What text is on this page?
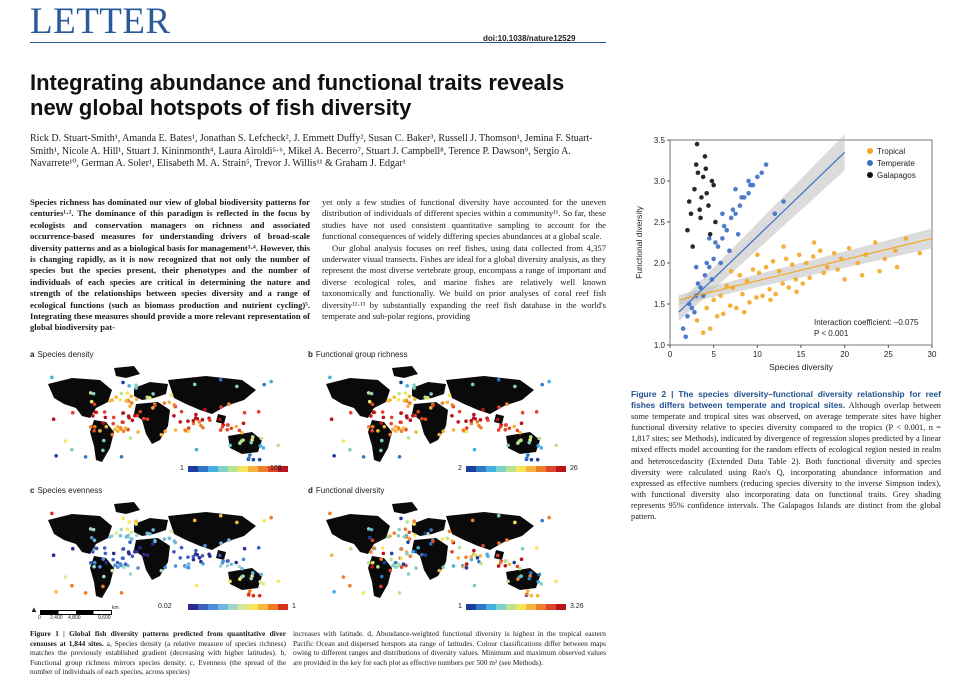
LETTER	doi:10.1038/nature12529
Integrating abundance and functional traits reveals new global hotspots of fish diversity
Rick D. Stuart-Smith¹, Amanda E. Bates¹, Jonathan S. Lefcheck², J. Emmett Duffy², Susan C. Baker³, Russell J. Thomson¹, Jemina F. Stuart-Smith¹, Nicole A. Hill¹, Stuart J. Kininmonth⁴, Laura Airoldi⁵·⁶, Mikel A. Becerro⁷, Stuart J. Campbell⁸, Terence P. Dawson⁹, Sergio A. Navarrete¹⁰, German A. Soler¹, Elisabeth M. A. Strain⁵, Trevor J. Willis¹¹ & Graham J. Edgar¹
Species richness has dominated our view of global biodiversity patterns for centuries¹·². The dominance of this paradigm is reflected in the focus by ecologists and conservation managers on richness and associated occurrence-based measures for understanding drivers of broad-scale diversity patterns and as a biological basis for management³·⁴. However, this is changing rapidly, as it is now recognized that not only the number of species but the species present, their phenotypes and the number of individuals of each species are critical in determining the nature and strength of the relationships between species diversity and a range of ecological functions (such as biomass production and nutrient cycling)⁵. Integrating these measures should provide a more relevant representation of global biodiversity pat-

yet only a few studies of functional diversity have accounted for the uneven distribution of individuals of different species within a community¹¹. So far, these studies have not used consistent quantitative sampling to account for the functional consequences of widely differing species abundances at a global scale.

Our global analysis focuses on reef fishes, using data collected from 4,357 underwater visual transects. Fishes are ideal for a global diversity analysis, as they represent the most diverse vertebrate group, encompass a range of important and diverse ecological roles, and marine fishes are relatively well known taxonomically and functionally. We build on prior analyses of coral reef fish diversity¹²·¹³ by substantially expanding the reef fish database in the world's temperate and sub-polar regions, providing

a Species density
1	109
b Functional group richness
2	26
c Species evenness
0.02	1
d Functional diversity
1	3.26
▲
0 2,400 4,800	9,600
km
Figure 1 | Global fish diversity patterns predicted from quantitative diver censuses at 1,844 sites. a, Species density (a relative measure of species richness) matches the previously established gradient (decreasing with higher latitudes). b, Functional group richness mirrors species density. c, Evenness (the spread of the number of individuals of each species, across species)
increases with latitude. d, Abundance-weighted functional diversity is highest in the tropical eastern Pacific Ocean and dispersed hotspots ata range of latitudes. Colour classifications differ between maps owing to different ranges and distributions of diversity values. Minimum and maximum observed values are provided in the key for each plot as effective numbers per 500 m² (see Methods).
0	5	10	15	20	25	30
1.0
1.5
2.0
2.5
3.0
3.5
Species diversity
Functional diversity
Tropical
Temperate
Galapagos
Interaction coefficient: –0.075
P < 0.001
Figure 2 | The species diversity–functional diversity relationship for reef fishes differs between temperate and tropical sites. Although overlap between some temperate and tropical sites was observed, on average temperate sites have higher functional diversity relative to species diversity compared to the tropics (P < 0.001, n = 1,817 sites; see Methods), indicated by divergence of regression slopes predicted by a linear mixed effects model accounting for the random effects of ecological region nested in realm and heteroscedascity (Extended Data Table 2). Both functional diversity and species diversity were calculated using Rao's Q, incorporating abundance information and expressed as effective numbers (reducing species diversity to the inverse Simpson index), with functional diversity also incorporating data on functional traits. Grey shading represents 95% confidence intervals. The Galapagos Islands are distinct from the global pattern.
